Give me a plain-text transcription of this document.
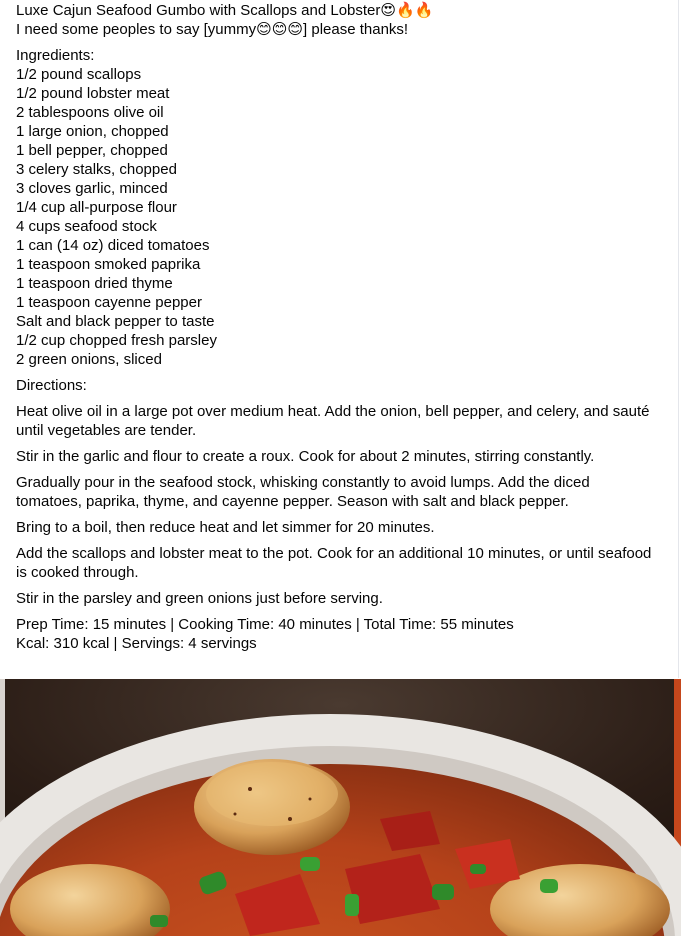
Luxe Cajun Seafood Gumbo with Scallops and Lobster😍🔥🔥
I need some peoples to say [yummy😊😊😊] please thanks!
Ingredients:
1/2 pound scallops
1/2 pound lobster meat
2 tablespoons olive oil
1 large onion, chopped
1 bell pepper, chopped
3 celery stalks, chopped
3 cloves garlic, minced
1/4 cup all-purpose flour
4 cups seafood stock
1 can (14 oz) diced tomatoes
1 teaspoon smoked paprika
1 teaspoon dried thyme
1 teaspoon cayenne pepper
Salt and black pepper to taste
1/2 cup chopped fresh parsley
2 green onions, sliced
Directions:
Heat olive oil in a large pot over medium heat. Add the onion, bell pepper, and celery, and sauté until vegetables are tender.
Stir in the garlic and flour to create a roux. Cook for about 2 minutes, stirring constantly.
Gradually pour in the seafood stock, whisking constantly to avoid lumps. Add the diced tomatoes, paprika, thyme, and cayenne pepper. Season with salt and black pepper.
Bring to a boil, then reduce heat and let simmer for 20 minutes.
Add the scallops and lobster meat to the pot. Cook for an additional 10 minutes, or until seafood is cooked through.
Stir in the parsley and green onions just before serving.
Prep Time: 15 minutes | Cooking Time: 40 minutes | Total Time: 55 minutes
Kcal: 310 kcal | Servings: 4 servings
